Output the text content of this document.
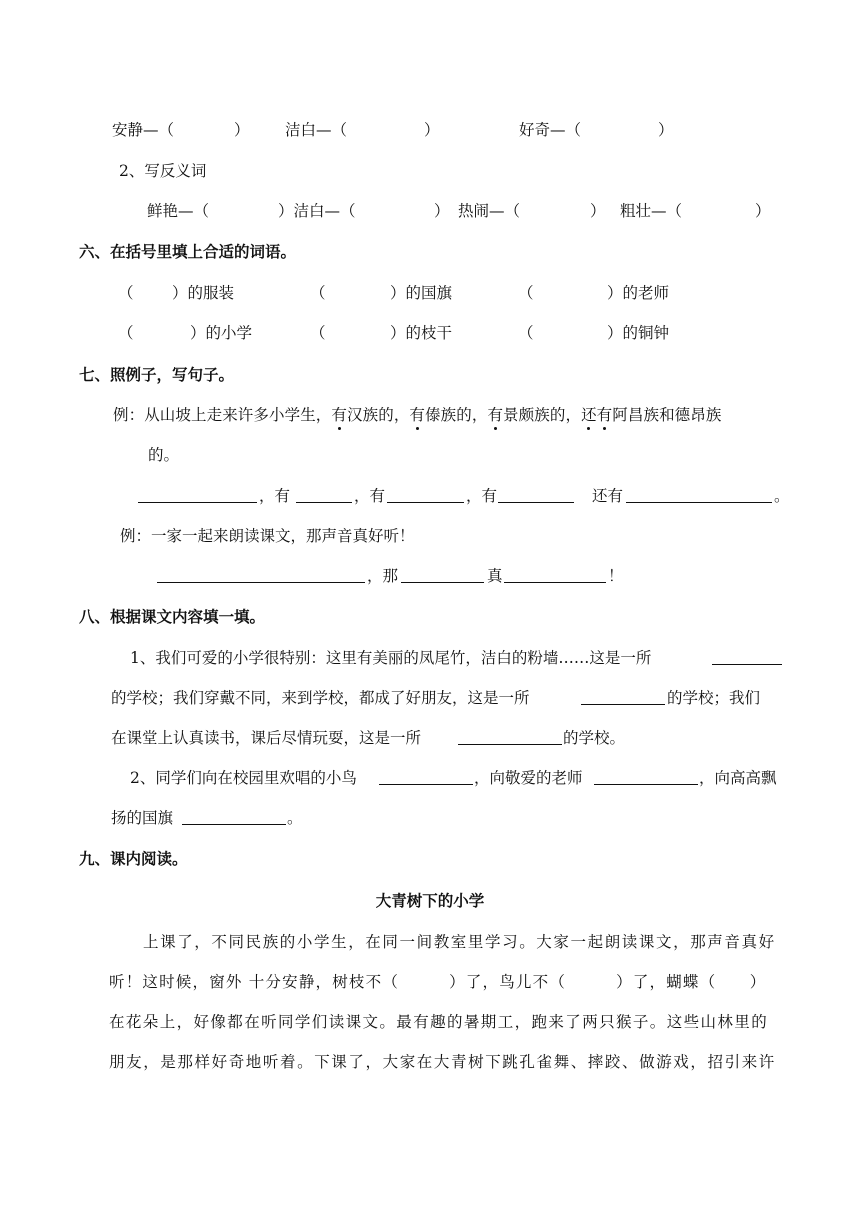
安静—（	） 洁白—（	）	好奇—（	）
2、写反义词
鲜艳—（	）洁白—（	） 热闹—（	） 粗壮—（	）
六、在括号里填上合适的词语。
（ ）的服装	（	）的国旗	（	）的老师
（	）的小学	（	）的枝干	（	）的铜钟
七、照例子，写句子。
例：从山坡上走来许多小学生，有汉族的，有傣族的，有景颇族的，还有阿昌族和德昂族
的。
，有	，有	，有	还有	。
例：一家一起来朗读课文，那声音真好听！
，那	真	！
八、根据课文内容填一填。
1、我们可爱的小学很特别：这里有美丽的凤尾竹，洁白的粉墙……这是一所
的学校；我们穿戴不同，来到学校，都成了好朋友，这是一所	的学校；我们
在课堂上认真读书，课后尽情玩耍，这是一所	的学校。
2、同学们向在校园里欢唱的小鸟	，向敬爱的老师	，向高高飘
扬的国旗	。
九、课内阅读。
大青树下的小学
上课了，不同民族的小学生，在同一间教室里学习。大家一起朗读课文，那声音真好
听！这时候，窗外 十分安静，树枝不（　　　）了，鸟儿不（　　　）了，蝴蝶（　　）
在花朵上，好像都在听同学们读课文。最有趣的暑期工，跑来了两只猴子。这些山林里的
朋友，是那样好奇地听着。下课了，大家在大青树下跳孔雀舞、摔跤、做游戏，招引来许
